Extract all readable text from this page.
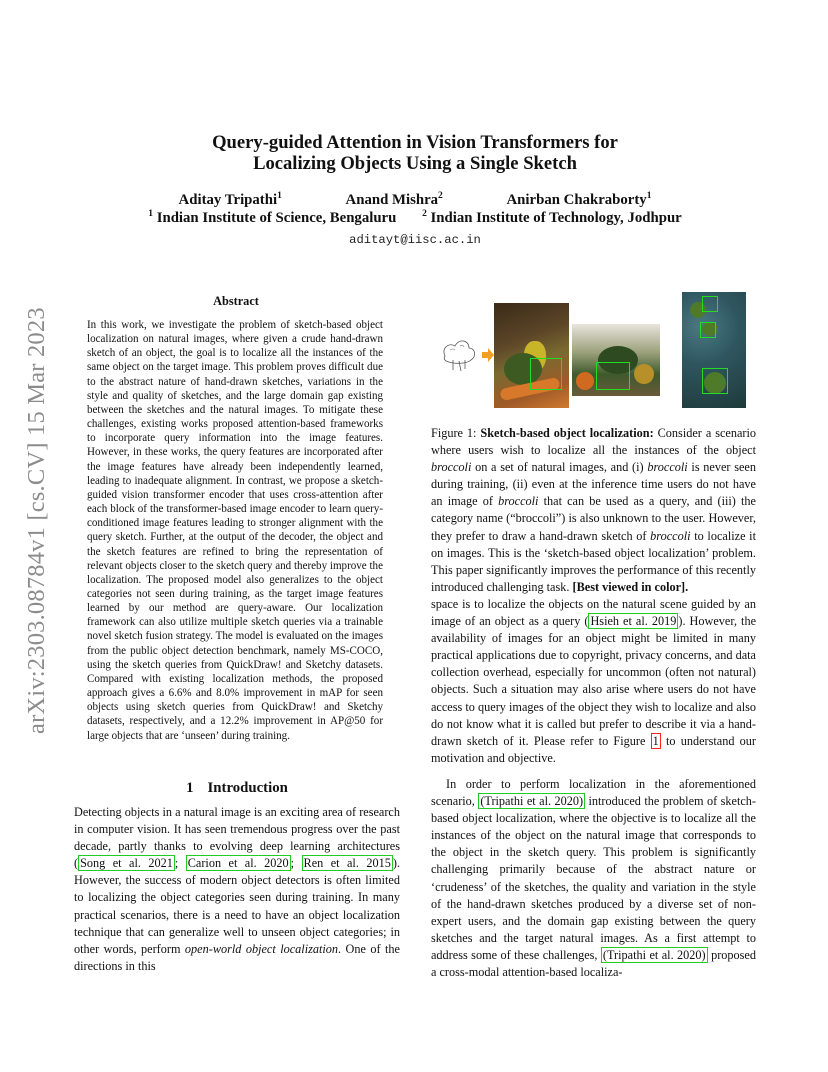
arXiv:2303.08784v1 [cs.CV] 15 Mar 2023
Query-guided Attention in Vision Transformers for
Localizing Objects Using a Single Sketch
Aditay Tripathi$^1$	Anand Mishra$^2$	Anirban Chakraborty$^1$
$^1$ Indian Institute of Science, Bengaluru	$^2$ Indian Institute of Technology, Jodhpur
aditayt@iisc.ac.in
Abstract

In this work, we investigate the problem of sketch-based object localization on natural images, where given a crude hand-drawn sketch of an object, the goal is to localize all the instances of the same object on the target image. This problem proves difficult due to the abstract nature of hand-drawn sketches, variations in the style and quality of sketches, and the large domain gap existing between the sketches and the natural images. To mitigate these challenges, existing works proposed attention-based frameworks to incorporate query information into the image features. However, in these works, the query features are incorporated after the image features have already been independently learned, leading to inadequate alignment. In contrast, we propose a sketch-guided vision transformer encoder that uses cross-attention after each block of the transformer-based image encoder to learn query-conditioned image features leading to stronger alignment with the query sketch. Further, at the output of the decoder, the object and the sketch features are refined to bring the representation of relevant objects closer to the sketch query and thereby improve the localization. The proposed model also generalizes to the object categories not seen during training, as the target image features learned by our method are query-aware. Our localization framework can also utilize multiple sketch queries via a trainable novel sketch fusion strategy. The model is evaluated on the images from the public object detection benchmark, namely MS-COCO, using the sketch queries from QuickDraw! and Sketchy datasets. Compared with existing localization methods, the proposed approach gives a 6.6% and 8.0% improvement in mAP for seen objects using sketch queries from QuickDraw! and Sketchy datasets, respectively, and a 12.2% improvement in AP@50 for large objects that are ‘unseen’ during training.

1 Introduction

Detecting objects in a natural image is an exciting area of research in computer vision. It has seen tremendous progress over the past decade, partly thanks to evolving deep learning architectures ( Song et al. 2021 ; Carion et al. 2020 ; Ren et al. 2015 ). However, the success of modern object detectors is often limited to localizing the object categories seen during training. In many practical scenarios, there is a need to have an object localization technique that can generalize well to unseen object categories; in other words, perform open-world object localization. One of the directions in this

Figure 1: Sketch-based object localization: Consider a scenario where users wish to localize all the instances of the object broccoli on a set of natural images, and (i) broccoli is never seen during training, (ii) even at the inference time users do not have an image of broccoli that can be used as a query, and (iii) the category name (“broccoli”) is also unknown to the user. However, they prefer to draw a hand-drawn sketch of broccoli to localize it on images. This is the ‘sketch-based object localization’ problem. This paper significantly improves the performance of this recently introduced challenging task. [Best viewed in color].

space is to localize the objects on the natural scene guided by an image of an object as a query ( Hsieh et al. 2019 ). However, the availability of images for an object might be limited in many practical applications due to copyright, privacy concerns, and data collection overhead, especially for uncommon (often not natural) objects. Such a situation may also arise where users do not have access to query images of the object they wish to localize and also do not know what it is called but prefer to describe it via a hand-drawn sketch of it. Please refer to Figure 1 to understand our motivation and objective.

In order to perform localization in the aforementioned scenario, (Tripathi et al. 2020) introduced the problem of sketch-based object localization, where the objective is to localize all the instances of the object on the natural image that corresponds to the object in the sketch query. This problem is significantly challenging primarily because of the abstract nature or ‘crudeness’ of the sketches, the quality and variation in the style of the hand-drawn sketches produced by a diverse set of non-expert users, and the domain gap existing between the query sketches and the target natural images. As a first attempt to address some of these challenges, (Tripathi et al. 2020) proposed a cross-modal attention-based localiza-
